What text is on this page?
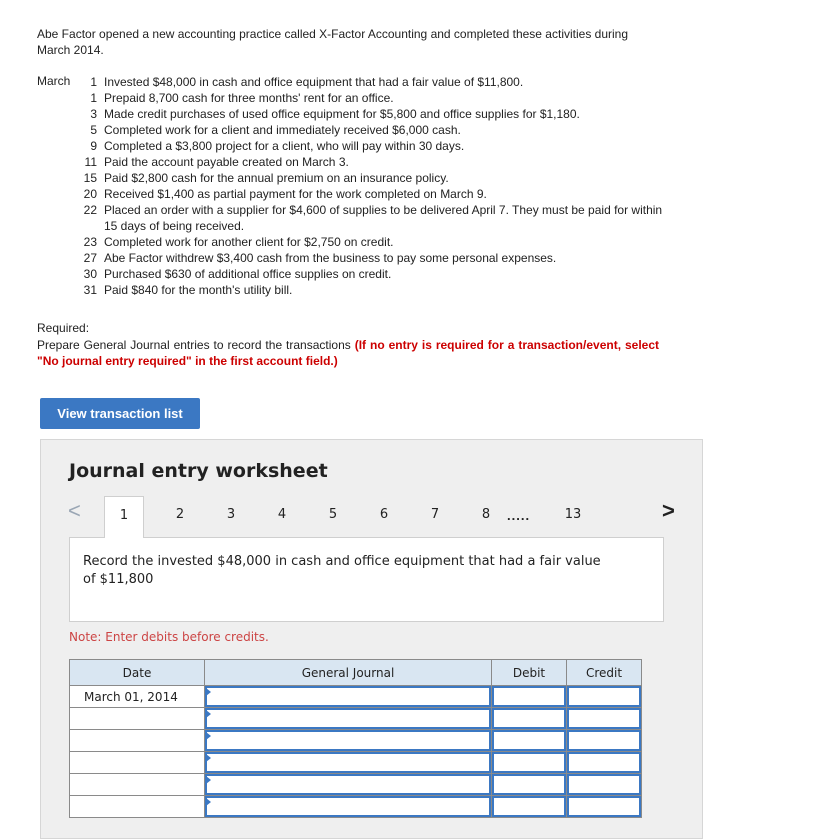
Abe Factor opened a new accounting practice called X-Factor Accounting and completed these activities during March 2014.
March	1 Invested $48,000 in cash and office equipment that had a fair value of $11,800.
1 Prepaid 8,700 cash for three months' rent for an office.
3 Made credit purchases of used office equipment for $5,800 and office supplies for $1,180.
5 Completed work for a client and immediately received $6,000 cash.
9 Completed a $3,800 project for a client, who will pay within 30 days.
11 Paid the account payable created on March 3.
15 Paid $2,800 cash for the annual premium on an insurance policy.
20 Received $1,400 as partial payment for the work completed on March 9.
22 Placed an order with a supplier for $4,600 of supplies to be delivered April 7. They must be paid for within 15 days of being received.
23 Completed work for another client for $2,750 on credit.
27 Abe Factor withdrew $3,400 cash from the business to pay some personal expenses.
30 Purchased $630 of additional office supplies on credit.
31 Paid $840 for the month's utility bill.
Required:
Prepare General Journal entries to record the transactions (If no entry is required for a transaction/event, select "No journal entry required" in the first account field.)
View transaction list
Journal entry worksheet
<	1	2	3	4	5	6	7	8	.....	13	>
Record the invested $48,000 in cash and office equipment that had a fair value of $11,800
Note: Enter debits before credits.
Date	General Journal	Debit	Credit
March 01, 2014	
